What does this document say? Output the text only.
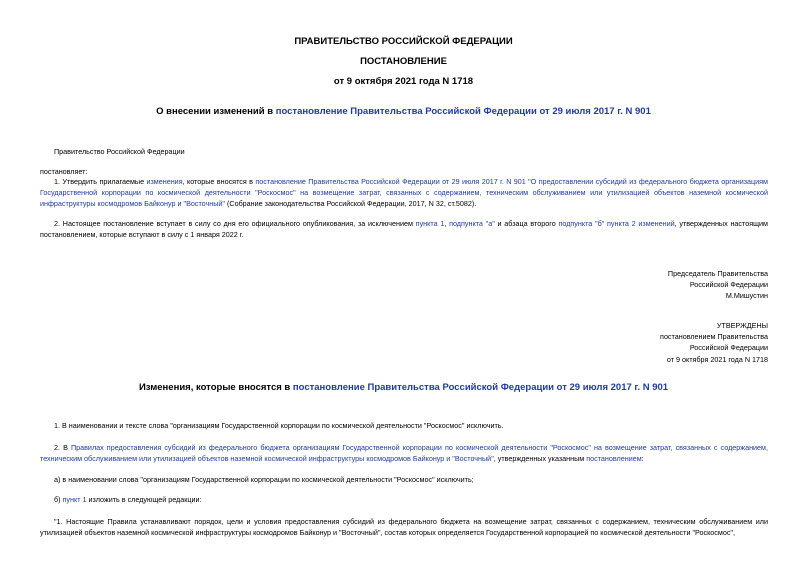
ПРАВИТЕЛЬСТВО РОССИЙСКОЙ ФЕДЕРАЦИИ
ПОСТАНОВЛЕНИЕ
от 9 октября 2021 года N 1718
О внесении изменений в постановление Правительства Российской Федерации от 29 июля 2017 г. N 901
Правительство Российской Федерации
постановляет:
1. Утвердить прилагаемые изменения, которые вносятся в постановление Правительства Российской Федерации от 29 июля 2017 г. N 901 "О предоставлении субсидий из федерального бюджета организациям Государственной корпорации по космической деятельности "Роскосмос" на возмещение затрат, связанных с содержанием, техническим обслуживанием или утилизацией объектов наземной космической инфраструктуры космодромов Байконур и "Восточный" (Собрание законодательства Российской Федерации, 2017, N 32, ст.5082).
2. Настоящее постановление вступает в силу со дня его официального опубликования, за исключением пункта 1, подпункта "а" и абзаца второго подпункта "б" пункта 2 изменений, утвержденных настоящим постановлением, которые вступают в силу с 1 января 2022 г.
Председатель Правительства
Российской Федерации
М.Мишустин
УТВЕРЖДЕНЫ
постановлением Правительства
Российской Федерации
от 9 октября 2021 года N 1718
Изменения, которые вносятся в постановление Правительства Российской Федерации от 29 июля 2017 г. N 901
1. В наименовании и тексте слова "организациям Государственной корпорации по космической деятельности "Роскосмос" исключить.
2. В Правилах предоставления субсидий из федерального бюджета организациям Государственной корпорации по космической деятельности "Роскосмос" на возмещение затрат, связанных с содержанием, техническим обслуживанием или утилизацией объектов наземной космической инфраструктуры космодромов Байконур и "Восточный", утвержденных указанным постановлением:
а) в наименовании слова "организациям Государственной корпорации по космической деятельности "Роскосмос" исключить;
б) пункт 1 изложить в следующей редакции:
"1. Настоящие Правила устанавливают порядок, цели и условия предоставления субсидий из федерального бюджета на возмещение затрат, связанных с содержанием, техническим обслуживанием или утилизацией объектов наземной космической инфраструктуры космодромов Байконур и "Восточный", состав которых определяется Государственной корпорацией по космической деятельности "Роскосмос",
